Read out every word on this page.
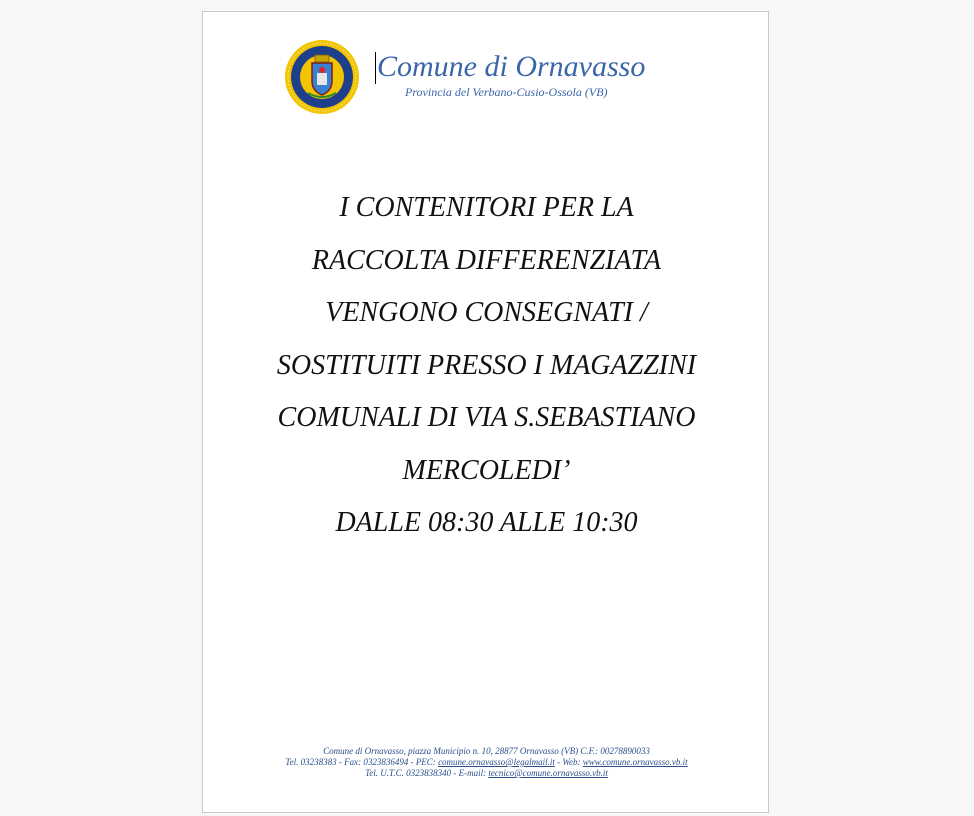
Comune di Ornavasso
Provincia del Verbano-Cusio-Ossola (VB)
I CONTENITORI PER LA
RACCOLTA DIFFERENZIATA
VENGONO CONSEGNATI /
SOSTITUITI PRESSO I MAGAZZINI
COMUNALI DI VIA S.SEBASTIANO
MERCOLEDI’
DALLE 08:30 ALLE 10:30
Comune di Ornavasso, piazza Municipio n. 10, 28877 Ornavasso (VB) C.F.: 00278890033
Tel. 03238383 - Fax: 0323836494 - PEC: comune.ornavasso@legalmail.it - Web: www.comune.ornavasso.vb.it
Tel. U.T.C. 0323838340 - E-mail: tecnico@comune.ornavasso.vb.it
